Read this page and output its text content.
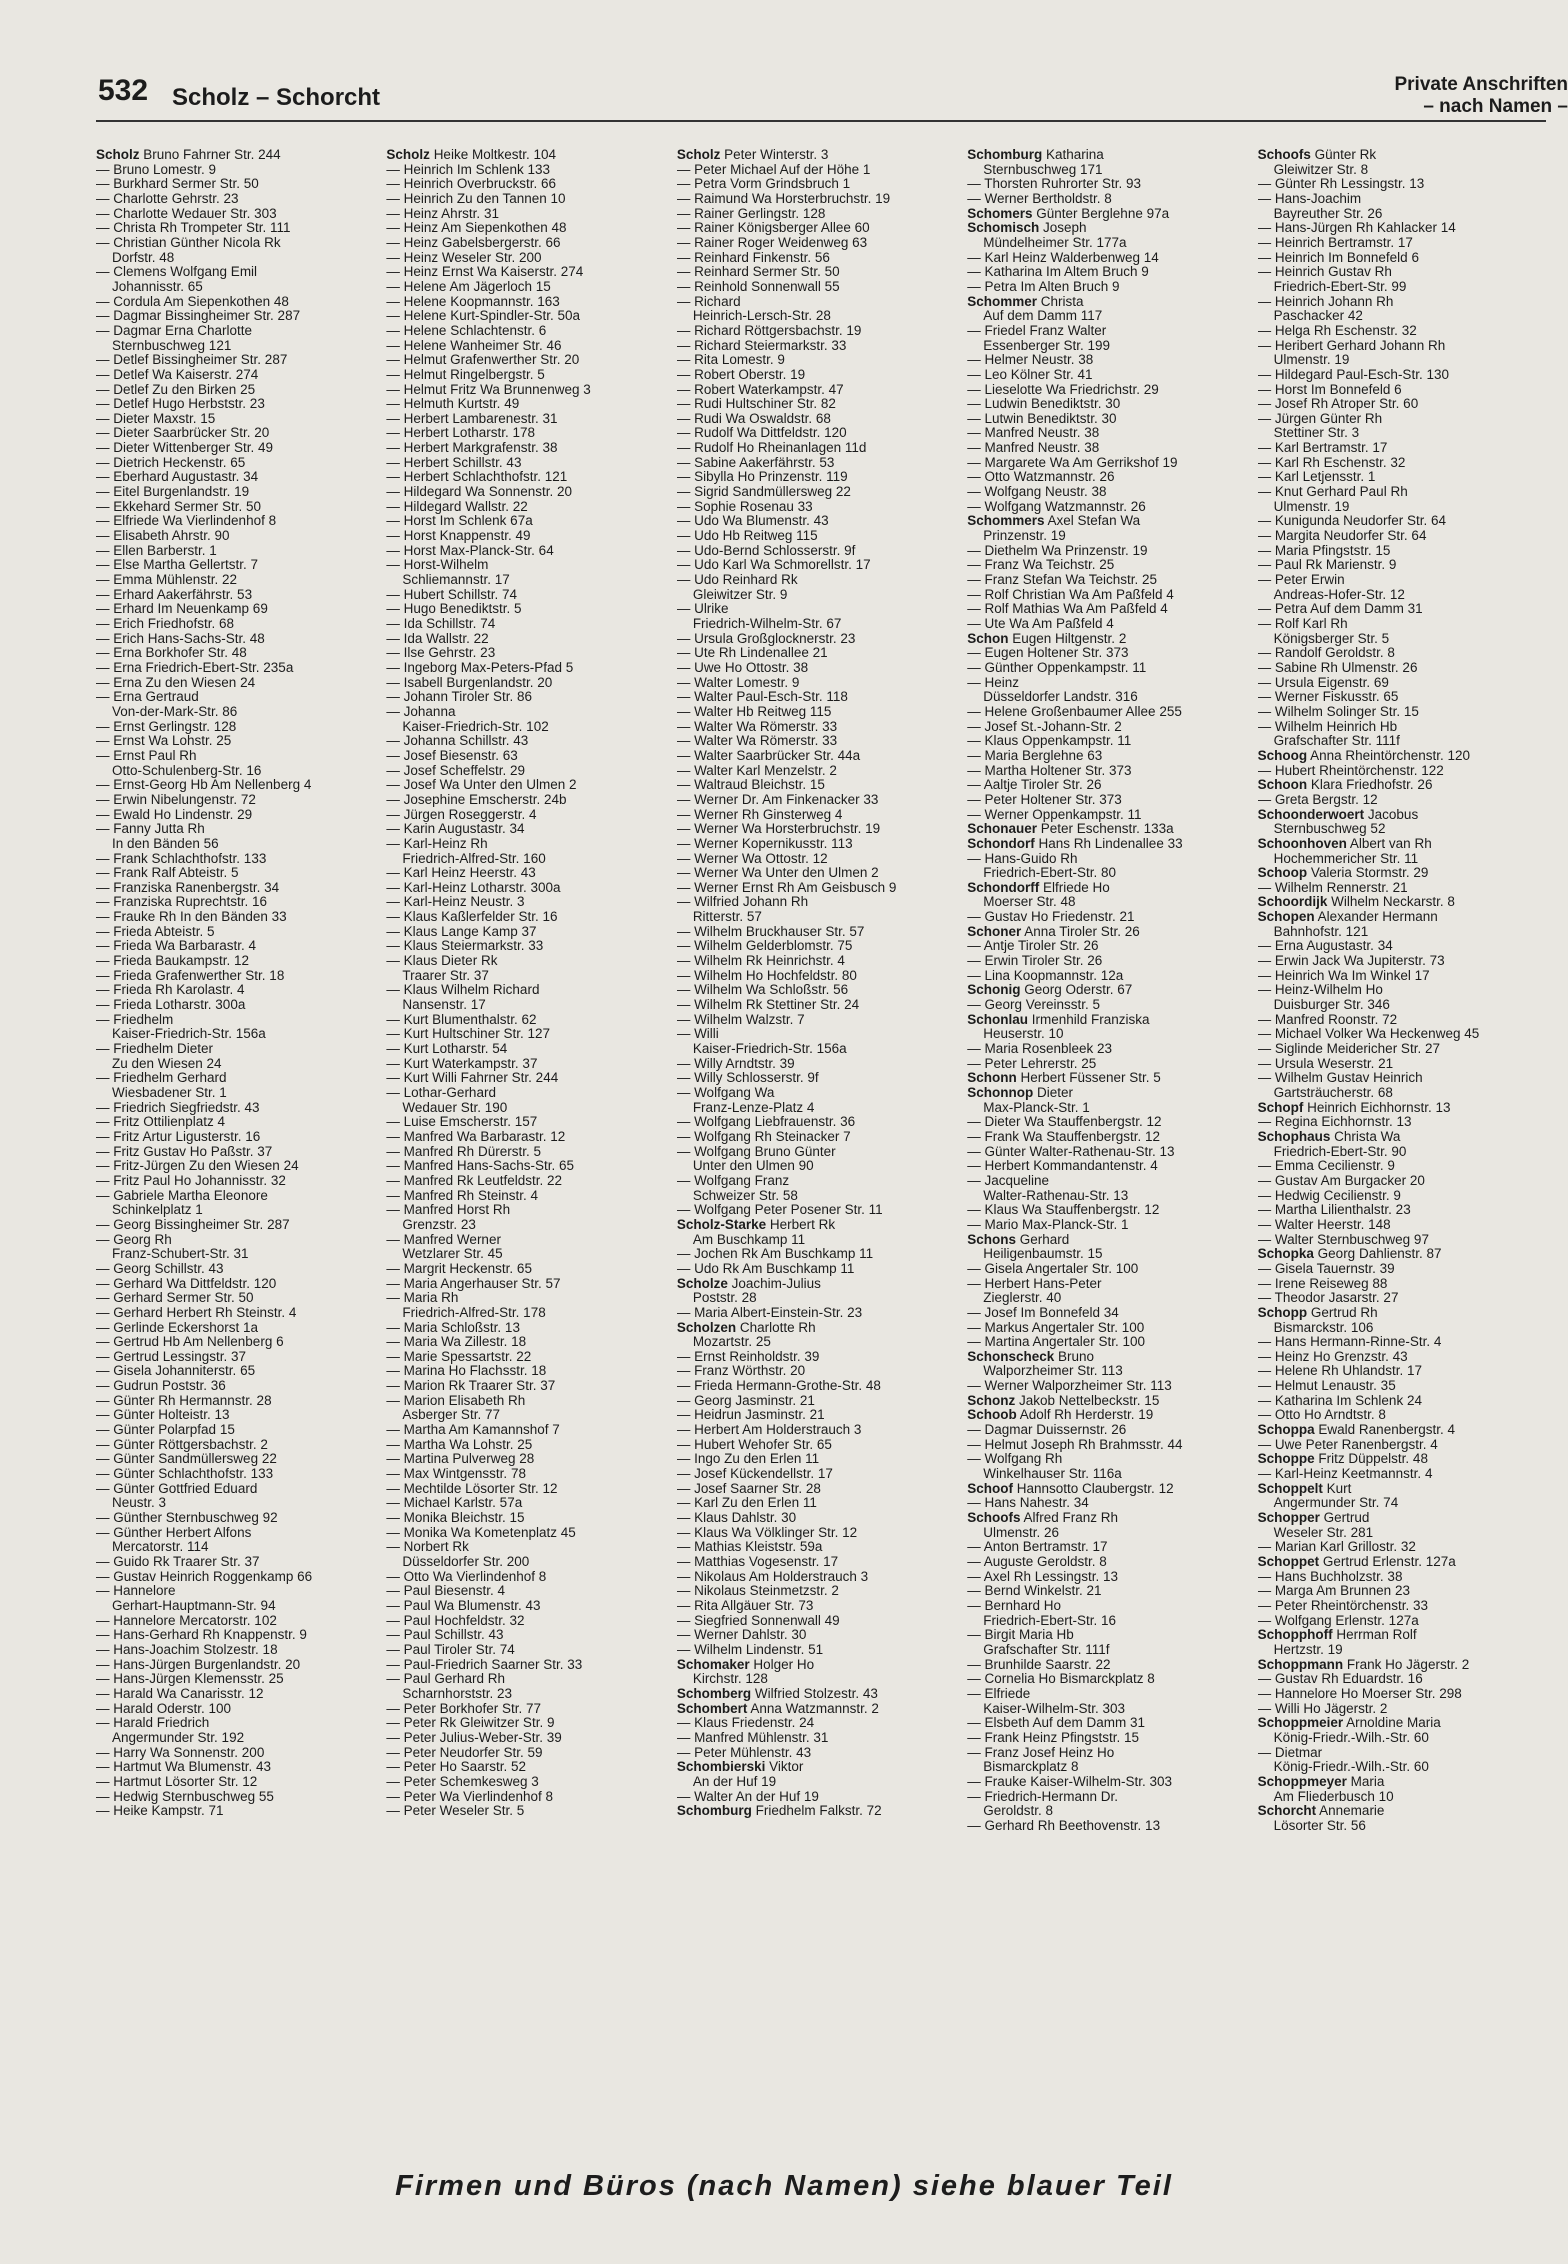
532 Scholz – Schorcht	Private Anschriften
– nach Namen –
Scholz Bruno Fahrner Str. 244
— Bruno Lomestr. 9
— Burkhard Sermer Str. 50
— Charlotte Gehrstr. 23
— Charlotte Wedauer Str. 303
— Christa Rh Trompeter Str. 111
— Christian Günther Nicola Rk
Dorfstr. 48
— Clemens Wolfgang Emil
Johannisstr. 65
— Cordula Am Siepenkothen 48
— Dagmar Bissingheimer Str. 287
— Dagmar Erna Charlotte
Sternbuschweg 121
— Detlef Bissingheimer Str. 287
— Detlef Wa Kaiserstr. 274
— Detlef Zu den Birken 25
— Detlef Hugo Herbststr. 23
— Dieter Maxstr. 15
— Dieter Saarbrücker Str. 20
— Dieter Wittenberger Str. 49
— Dietrich Heckenstr. 65
— Eberhard Augustastr. 34
— Eitel Burgenlandstr. 19
— Ekkehard Sermer Str. 50
— Elfriede Wa Vierlindenhof 8
— Elisabeth Ahrstr. 90
— Ellen Barberstr. 1
— Else Martha Gellertstr. 7
— Emma Mühlenstr. 22
— Erhard Aakerfährstr. 53
— Erhard Im Neuenkamp 69
— Erich Friedhofstr. 68
— Erich Hans-Sachs-Str. 48
— Erna Borkhofer Str. 48
— Erna Friedrich-Ebert-Str. 235a
— Erna Zu den Wiesen 24
— Erna Gertraud
Von-der-Mark-Str. 86
— Ernst Gerlingstr. 128
— Ernst Wa Lohstr. 25
— Ernst Paul Rh
Otto-Schulenberg-Str. 16
— Ernst-Georg Hb Am Nellenberg 4
— Erwin Nibelungenstr. 72
— Ewald Ho Lindenstr. 29
— Fanny Jutta Rh
In den Bänden 56
— Frank Schlachthofstr. 133
— Frank Ralf Abteistr. 5
— Franziska Ranenbergstr. 34
— Franziska Ruprechtstr. 16
— Frauke Rh In den Bänden 33
— Frieda Abteistr. 5
— Frieda Wa Barbarastr. 4
— Frieda Baukampstr. 12
— Frieda Grafenwerther Str. 18
— Frieda Rh Karolastr. 4
— Frieda Lotharstr. 300a
— Friedhelm
Kaiser-Friedrich-Str. 156a
— Friedhelm Dieter
Zu den Wiesen 24
— Friedhelm Gerhard
Wiesbadener Str. 1
— Friedrich Siegfriedstr. 43
— Fritz Ottilienplatz 4
— Fritz Artur Ligusterstr. 16
— Fritz Gustav Ho Paßstr. 37
— Fritz-Jürgen Zu den Wiesen 24
— Fritz Paul Ho Johannisstr. 32
— Gabriele Martha Eleonore
Schinkelplatz 1
— Georg Bissingheimer Str. 287
— Georg Rh
Franz-Schubert-Str. 31
— Georg Schillstr. 43
— Gerhard Wa Dittfeldstr. 120
— Gerhard Sermer Str. 50
— Gerhard Herbert Rh Steinstr. 4
— Gerlinde Eckershorst 1a
— Gertrud Hb Am Nellenberg 6
— Gertrud Lessingstr. 37
— Gisela Johanniterstr. 65
— Gudrun Poststr. 36
— Günter Rh Hermannstr. 28
— Günter Holteistr. 13
— Günter Polarpfad 15
— Günter Röttgersbachstr. 2
— Günter Sandmüllersweg 22
— Günter Schlachthofstr. 133
— Günter Gottfried Eduard
Neustr. 3
— Günther Sternbuschweg 92
— Günther Herbert Alfons
Mercatorstr. 114
— Guido Rk Traarer Str. 37
— Gustav Heinrich Roggenkamp 66
— Hannelore
Gerhart-Hauptmann-Str. 94
— Hannelore Mercatorstr. 102
— Hans-Gerhard Rh Knappenstr. 9
— Hans-Joachim Stolzestr. 18
— Hans-Jürgen Burgenlandstr. 20
— Hans-Jürgen Klemensstr. 25
— Harald Wa Canarisstr. 12
— Harald Oderstr. 100
— Harald Friedrich
Angermunder Str. 192
— Harry Wa Sonnenstr. 200
— Hartmut Wa Blumenstr. 43
— Hartmut Lösorter Str. 12
— Hedwig Sternbuschweg 55
— Heike Kampstr. 71
Scholz Heike Moltkestr. 104
— Heinrich Im Schlenk 133
— Heinrich Overbruckstr. 66
— Heinrich Zu den Tannen 10
— Heinz Ahrstr. 31
— Heinz Am Siepenkothen 48
— Heinz Gabelsbergerstr. 66
— Heinz Weseler Str. 200
— Heinz Ernst Wa Kaiserstr. 274
— Helene Am Jägerloch 15
— Helene Koopmannstr. 163
— Helene Kurt-Spindler-Str. 50a
— Helene Schlachtenstr. 6
— Helene Wanheimer Str. 46
— Helmut Grafenwerther Str. 20
— Helmut Ringelbergstr. 5
— Helmut Fritz Wa Brunnenweg 3
— Helmuth Kurtstr. 49
— Herbert Lambarenestr. 31
— Herbert Lotharstr. 178
— Herbert Markgrafenstr. 38
— Herbert Schillstr. 43
— Herbert Schlachthofstr. 121
— Hildegard Wa Sonnenstr. 20
— Hildegard Wallstr. 22
— Horst Im Schlenk 67a
— Horst Knappenstr. 49
— Horst Max-Planck-Str. 64
— Horst-Wilhelm
Schliemannstr. 17
— Hubert Schillstr. 74
— Hugo Benediktstr. 5
— Ida Schillstr. 74
— Ida Wallstr. 22
— Ilse Gehrstr. 23
— Ingeborg Max-Peters-Pfad 5
— Isabell Burgenlandstr. 20
— Johann Tiroler Str. 86
— Johanna
Kaiser-Friedrich-Str. 102
— Johanna Schillstr. 43
— Josef Biesenstr. 63
— Josef Scheffelstr. 29
— Josef Wa Unter den Ulmen 2
— Josephine Emscherstr. 24b
— Jürgen Roseggerstr. 4
— Karin Augustastr. 34
— Karl-Heinz Rh
Friedrich-Alfred-Str. 160
— Karl Heinz Heerstr. 43
— Karl-Heinz Lotharstr. 300a
— Karl-Heinz Neustr. 3
— Klaus Kaßlerfelder Str. 16
— Klaus Lange Kamp 37
— Klaus Steiermarkstr. 33
— Klaus Dieter Rk
Traarer Str. 37
— Klaus Wilhelm Richard
Nansenstr. 17
— Kurt Blumenthalstr. 62
— Kurt Hultschiner Str. 127
— Kurt Lotharstr. 54
— Kurt Waterkampstr. 37
— Kurt Willi Fahrner Str. 244
— Lothar-Gerhard
Wedauer Str. 190
— Luise Emscherstr. 157
— Manfred Wa Barbarastr. 12
— Manfred Rh Dürerstr. 5
— Manfred Hans-Sachs-Str. 65
— Manfred Rk Leutfeldstr. 22
— Manfred Rh Steinstr. 4
— Manfred Horst Rh
Grenzstr. 23
— Manfred Werner
Wetzlarer Str. 45
— Margrit Heckenstr. 65
— Maria Angerhauser Str. 57
— Maria Rh
Friedrich-Alfred-Str. 178
— Maria Schloßstr. 13
— Maria Wa Zillestr. 18
— Marie Spessartstr. 22
— Marina Ho Flachsstr. 18
— Marion Rk Traarer Str. 37
— Marion Elisabeth Rh
Asberger Str. 77
— Martha Am Kamannshof 7
— Martha Wa Lohstr. 25
— Martina Pulverweg 28
— Max Wintgensstr. 78
— Mechtilde Lösorter Str. 12
— Michael Karlstr. 57a
— Monika Bleichstr. 15
— Monika Wa Kometenplatz 45
— Norbert Rk
Düsseldorfer Str. 200
— Otto Wa Vierlindenhof 8
— Paul Biesenstr. 4
— Paul Wa Blumenstr. 43
— Paul Hochfeldstr. 32
— Paul Schillstr. 43
— Paul Tiroler Str. 74
— Paul-Friedrich Saarner Str. 33
— Paul Gerhard Rh
Scharnhorststr. 23
— Peter Borkhofer Str. 77
— Peter Rk Gleiwitzer Str. 9
— Peter Julius-Weber-Str. 39
— Peter Neudorfer Str. 59
— Peter Ho Saarstr. 52
— Peter Schemkesweg 3
— Peter Wa Vierlindenhof 8
— Peter Weseler Str. 5
Scholz Peter Winterstr. 3
— Peter Michael Auf der Höhe 1
— Petra Vorm Grindsbruch 1
— Raimund Wa Horsterbruchstr. 19
— Rainer Gerlingstr. 128
— Rainer Königsberger Allee 60
— Rainer Roger Weidenweg 63
— Reinhard Finkenstr. 56
— Reinhard Sermer Str. 50
— Reinhold Sonnenwall 55
— Richard
Heinrich-Lersch-Str. 28
— Richard Röttgersbachstr. 19
— Richard Steiermarkstr. 33
— Rita Lomestr. 9
— Robert Oberstr. 19
— Robert Waterkampstr. 47
— Rudi Hultschiner Str. 82
— Rudi Wa Oswaldstr. 68
— Rudolf Wa Dittfeldstr. 120
— Rudolf Ho Rheinanlagen 11d
— Sabine Aakerfährstr. 53
— Sibylla Ho Prinzenstr. 119
— Sigrid Sandmüllersweg 22
— Sophie Rosenau 33
— Udo Wa Blumenstr. 43
— Udo Hb Reitweg 115
— Udo-Bernd Schlosserstr. 9f
— Udo Karl Wa Schmorellstr. 17
— Udo Reinhard Rk
Gleiwitzer Str. 9
— Ulrike
Friedrich-Wilhelm-Str. 67
— Ursula Großglocknerstr. 23
— Ute Rh Lindenallee 21
— Uwe Ho Ottostr. 38
— Walter Lomestr. 9
— Walter Paul-Esch-Str. 118
— Walter Hb Reitweg 115
— Walter Wa Römerstr. 33
— Walter Wa Römerstr. 33
— Walter Saarbrücker Str. 44a
— Walter Karl Menzelstr. 2
— Waltraud Bleichstr. 15
— Werner Dr. Am Finkenacker 33
— Werner Rh Ginsterweg 4
— Werner Wa Horsterbruchstr. 19
— Werner Kopernikusstr. 113
— Werner Wa Ottostr. 12
— Werner Wa Unter den Ulmen 2
— Werner Ernst Rh Am Geisbusch 9
— Wilfried Johann Rh
Ritterstr. 57
— Wilhelm Bruckhauser Str. 57
— Wilhelm Gelderblomstr. 75
— Wilhelm Rk Heinrichstr. 4
— Wilhelm Ho Hochfeldstr. 80
— Wilhelm Wa Schloßstr. 56
— Wilhelm Rk Stettiner Str. 24
— Wilhelm Walzstr. 7
— Willi
Kaiser-Friedrich-Str. 156a
— Willy Arndtstr. 39
— Willy Schlosserstr. 9f
— Wolfgang Wa
Franz-Lenze-Platz 4
— Wolfgang Liebfrauenstr. 36
— Wolfgang Rh Steinacker 7
— Wolfgang Bruno Günter
Unter den Ulmen 90
— Wolfgang Franz
Schweizer Str. 58
— Wolfgang Peter Posener Str. 11
Scholz-Starke Herbert Rk
Am Buschkamp 11
— Jochen Rk Am Buschkamp 11
— Udo Rk Am Buschkamp 11
Scholze Joachim-Julius
Poststr. 28
— Maria Albert-Einstein-Str. 23
Scholzen Charlotte Rh
Mozartstr. 25
— Ernst Reinholdstr. 39
— Franz Wörthstr. 20
— Frieda Hermann-Grothe-Str. 48
— Georg Jasminstr. 21
— Heidrun Jasminstr. 21
— Herbert Am Holderstrauch 3
— Hubert Wehofer Str. 65
— Ingo Zu den Erlen 11
— Josef Kückendellstr. 17
— Josef Saarner Str. 28
— Karl Zu den Erlen 11
— Klaus Dahlstr. 30
— Klaus Wa Völklinger Str. 12
— Mathias Kleiststr. 59a
— Matthias Vogesenstr. 17
— Nikolaus Am Holderstrauch 3
— Nikolaus Steinmetzstr. 2
— Rita Allgäuer Str. 73
— Siegfried Sonnenwall 49
— Werner Dahlstr. 30
— Wilhelm Lindenstr. 51
Schomaker Holger Ho
Kirchstr. 128
Schomberg Wilfried Stolzestr. 43
Schombert Anna Watzmannstr. 2
— Klaus Friedenstr. 24
— Manfred Mühlenstr. 31
— Peter Mühlenstr. 43
Schombierski Viktor
An der Huf 19
— Walter An der Huf 19
Schomburg Friedhelm Falkstr. 72
Schomburg Katharina
Sternbuschweg 171
— Thorsten Ruhrorter Str. 93
— Werner Bertholdstr. 8
Schomers Günter Berglehne 97a
Schomisch Joseph
Mündelheimer Str. 177a
— Karl Heinz Walderbenweg 14
— Katharina Im Altem Bruch 9
— Petra Im Alten Bruch 9
Schommer Christa
Auf dem Damm 117
— Friedel Franz Walter
Essenberger Str. 199
— Helmer Neustr. 38
— Leo Kölner Str. 41
— Lieselotte Wa Friedrichstr. 29
— Ludwin Benediktstr. 30
— Lutwin Benediktstr. 30
— Manfred Neustr. 38
— Manfred Neustr. 38
— Margarete Wa Am Gerrikshof 19
— Otto Watzmannstr. 26
— Wolfgang Neustr. 38
— Wolfgang Watzmannstr. 26
Schommers Axel Stefan Wa
Prinzenstr. 19
— Diethelm Wa Prinzenstr. 19
— Franz Wa Teichstr. 25
— Franz Stefan Wa Teichstr. 25
— Rolf Christian Wa Am Paßfeld 4
— Rolf Mathias Wa Am Paßfeld 4
— Ute Wa Am Paßfeld 4
Schon Eugen Hiltgenstr. 2
— Eugen Holtener Str. 373
— Günther Oppenkampstr. 11
— Heinz
Düsseldorfer Landstr. 316
— Helene Großenbaumer Allee 255
— Josef St.-Johann-Str. 2
— Klaus Oppenkampstr. 11
— Maria Berglehne 63
— Martha Holtener Str. 373
— Aaltje Tiroler Str. 26
— Peter Holtener Str. 373
— Werner Oppenkampstr. 11
Schonauer Peter Eschenstr. 133a
Schondorf Hans Rh Lindenallee 33
— Hans-Guido Rh
Friedrich-Ebert-Str. 80
Schondorff Elfriede Ho
Moerser Str. 48
— Gustav Ho Friedenstr. 21
Schoner Anna Tiroler Str. 26
— Antje Tiroler Str. 26
— Erwin Tiroler Str. 26
— Lina Koopmannstr. 12a
Schonig Georg Oderstr. 67
— Georg Vereinsstr. 5
Schonlau Irmenhild Franziska
Heuserstr. 10
— Maria Rosenbleek 23
— Peter Lehrerstr. 25
Schonn Herbert Füssener Str. 5
Schonnop Dieter
Max-Planck-Str. 1
— Dieter Wa Stauffenbergstr. 12
— Frank Wa Stauffenbergstr. 12
— Günter Walter-Rathenau-Str. 13
— Herbert Kommandantenstr. 4
— Jacqueline
Walter-Rathenau-Str. 13
— Klaus Wa Stauffenbergstr. 12
— Mario Max-Planck-Str. 1
Schons Gerhard
Heiligenbaumstr. 15
— Gisela Angertaler Str. 100
— Herbert Hans-Peter
Zieglerstr. 40
— Josef Im Bonnefeld 34
— Markus Angertaler Str. 100
— Martina Angertaler Str. 100
Schonscheck Bruno
Walporzheimer Str. 113
— Werner Walporzheimer Str. 113
Schonz Jakob Nettelbeckstr. 15
Schoob Adolf Rh Herderstr. 19
— Dagmar Duissernstr. 26
— Helmut Joseph Rh Brahmsstr. 44
— Wolfgang Rh
Winkelhauser Str. 116a
Schoof Hannsotto Claubergstr. 12
— Hans Nahestr. 34
Schoofs Alfred Franz Rh
Ulmenstr. 26
— Anton Bertramstr. 17
— Auguste Geroldstr. 8
— Axel Rh Lessingstr. 13
— Bernd Winkelstr. 21
— Bernhard Ho
Friedrich-Ebert-Str. 16
— Birgit Maria Hb
Grafschafter Str. 111f
— Brunhilde Saarstr. 22
— Cornelia Ho Bismarckplatz 8
— Elfriede
Kaiser-Wilhelm-Str. 303
— Elsbeth Auf dem Damm 31
— Frank Heinz Pfingststr. 15
— Franz Josef Heinz Ho
Bismarckplatz 8
— Frauke Kaiser-Wilhelm-Str. 303
— Friedrich-Hermann Dr.
Geroldstr. 8
— Gerhard Rh Beethovenstr. 13
Schoofs Günter Rk
Gleiwitzer Str. 8
— Günter Rh Lessingstr. 13
— Hans-Joachim
Bayreuther Str. 26
— Hans-Jürgen Rh Kahlacker 14
— Heinrich Bertramstr. 17
— Heinrich Im Bonnefeld 6
— Heinrich Gustav Rh
Friedrich-Ebert-Str. 99
— Heinrich Johann Rh
Paschacker 42
— Helga Rh Eschenstr. 32
— Heribert Gerhard Johann Rh
Ulmenstr. 19
— Hildegard Paul-Esch-Str. 130
— Horst Im Bonnefeld 6
— Josef Rh Atroper Str. 60
— Jürgen Günter Rh
Stettiner Str. 3
— Karl Bertramstr. 17
— Karl Rh Eschenstr. 32
— Karl Letjensstr. 1
— Knut Gerhard Paul Rh
Ulmenstr. 19
— Kunigunda Neudorfer Str. 64
— Margita Neudorfer Str. 64
— Maria Pfingststr. 15
— Paul Rk Marienstr. 9
— Peter Erwin
Andreas-Hofer-Str. 12
— Petra Auf dem Damm 31
— Rolf Karl Rh
Königsberger Str. 5
— Randolf Geroldstr. 8
— Sabine Rh Ulmenstr. 26
— Ursula Eigenstr. 69
— Werner Fiskusstr. 65
— Wilhelm Solinger Str. 15
— Wilhelm Heinrich Hb
Grafschafter Str. 111f
Schoog Anna Rheintörchenstr. 120
— Hubert Rheintörchenstr. 122
Schoon Klara Friedhofstr. 26
— Greta Bergstr. 12
Schoonderwoert Jacobus
Sternbuschweg 52
Schoonhoven Albert van Rh
Hochemmericher Str. 11
Schoop Valeria Stormstr. 29
— Wilhelm Rennerstr. 21
Schoordijk Wilhelm Neckarstr. 8
Schopen Alexander Hermann
Bahnhofstr. 121
— Erna Augustastr. 34
— Erwin Jack Wa Jupiterstr. 73
— Heinrich Wa Im Winkel 17
— Heinz-Wilhelm Ho
Duisburger Str. 346
— Manfred Roonstr. 72
— Michael Volker Wa Heckenweg 45
— Siglinde Meidericher Str. 27
— Ursula Weserstr. 21
— Wilhelm Gustav Heinrich
Gartsträucherstr. 68
Schopf Heinrich Eichhornstr. 13
— Regina Eichhornstr. 13
Schophaus Christa Wa
Friedrich-Ebert-Str. 90
— Emma Cecilienstr. 9
— Gustav Am Burgacker 20
— Hedwig Cecilienstr. 9
— Martha Lilienthalstr. 23
— Walter Heerstr. 148
— Walter Sternbuschweg 97
Schopka Georg Dahlienstr. 87
— Gisela Tauernstr. 39
— Irene Reiseweg 88
— Theodor Jasarstr. 27
Schopp Gertrud Rh
Bismarckstr. 106
— Hans Hermann-Rinne-Str. 4
— Heinz Ho Grenzstr. 43
— Helene Rh Uhlandstr. 17
— Helmut Lenaustr. 35
— Katharina Im Schlenk 24
— Otto Ho Arndtstr. 8
Schoppa Ewald Ranenbergstr. 4
— Uwe Peter Ranenbergstr. 4
Schoppe Fritz Düppelstr. 48
— Karl-Heinz Keetmannstr. 4
Schoppelt Kurt
Angermunder Str. 74
Schopper Gertrud
Weseler Str. 281
— Marian Karl Grillostr. 32
Schoppet Gertrud Erlenstr. 127a
— Hans Buchholzstr. 38
— Marga Am Brunnen 23
— Peter Rheintörchenstr. 33
— Wolfgang Erlenstr. 127a
Schopphoff Herrman Rolf
Hertzstr. 19
Schoppmann Frank Ho Jägerstr. 2
— Gustav Rh Eduardstr. 16
— Hannelore Ho Moerser Str. 298
— Willi Ho Jägerstr. 2
Schoppmeier Arnoldine Maria
König-Friedr.-Wilh.-Str. 60
— Dietmar
König-Friedr.-Wilh.-Str. 60
Schoppmeyer Maria
Am Fliederbusch 10
Schorcht Annemarie
Lösorter Str. 56
Firmen und Büros (nach Namen) siehe blauer Teil
